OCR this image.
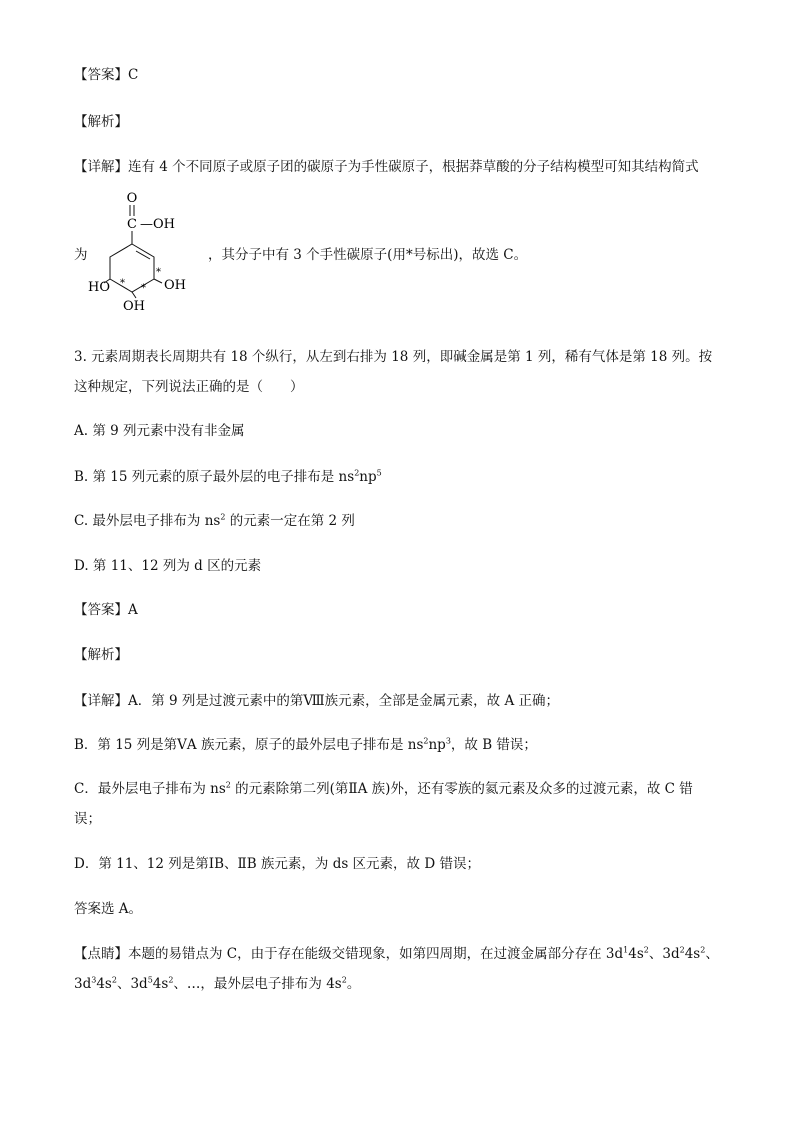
【答案】C
【解析】
【详解】连有 4 个不同原子或原子团的碳原子为手性碳原子，根据莽草酸的分子结构模型可知其结构简式
为
O
C —OH
HO	OH
OH
* *
*
，其分子中有 3 个手性碳原子(用*号标出)，故选 C。
3. 元素周期表长周期共有 18 个纵行，从左到右排为 18 列，即碱金属是第 1 列，稀有气体是第 18 列。按
这种规定，下列说法正确的是（　　）
A. 第 9 列元素中没有非金属
B. 第 15 列元素的原子最外层的电子排布是 $ns^2np^5$
C. 最外层电子排布为 $ns^2$ 的元素一定在第 2 列
D. 第 11、12 列为 d 区的元素
【答案】A
【解析】
【详解】A．第 9 列是过渡元素中的第Ⅷ族元素，全部是金属元素，故 A 正确；
B．第 15 列是第ⅤA 族元素，原子的最外层电子排布是 $ns^2np^3$，故 B 错误；
C．最外层电子排布为 $ns^2$ 的元素除第二列(第ⅡA 族)外，还有零族的氦元素及众多的过渡元素，故 C 错
误；
D．第 11、12 列是第ⅠB、ⅡB 族元素，为 ds 区元素，故 D 错误；
答案选 A。
【点睛】本题的易错点为 C，由于存在能级交错现象，如第四周期，在过渡金属部分存在 $3d^14s^2$、$3d^24s^2$、
$3d^34s^2$、$3d^54s^2$、…，最外层电子排布为 $4s^2$。
